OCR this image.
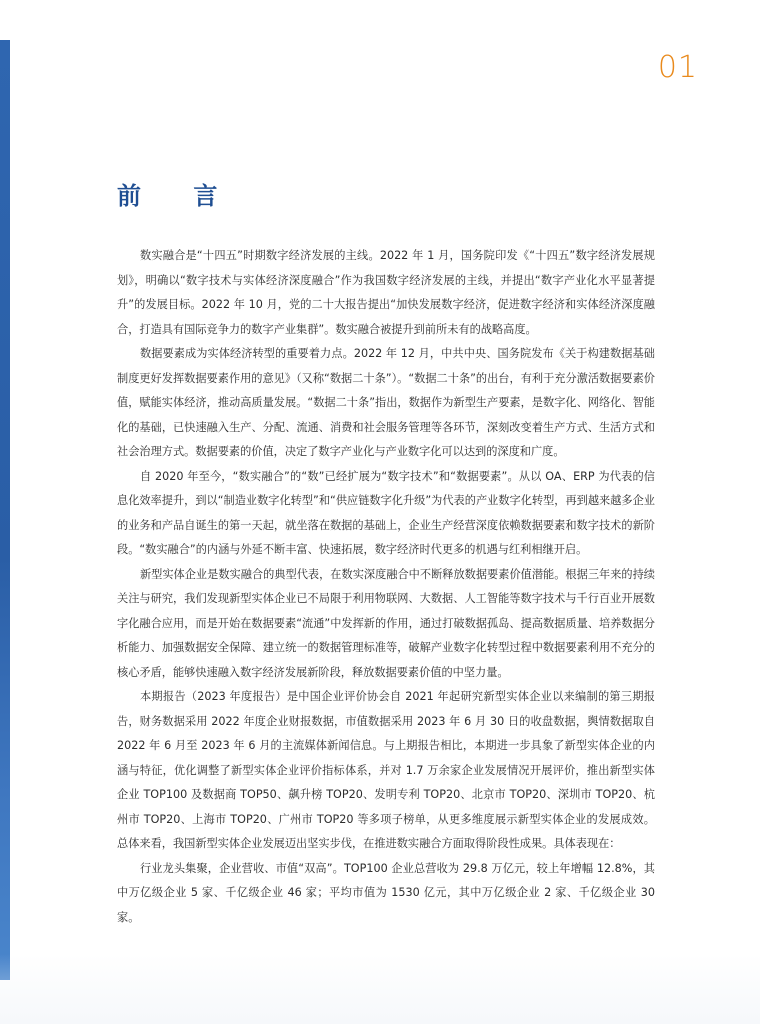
01
前 言

数实融合是“十四五”时期数字经济发展的主线。2022 年 1 月，国务院印发《“十四五”数字经济发展规划》，明确以“数字技术与实体经济深度融合”作为我国数字经济发展的主线，并提出“数字产业化水平显著提升”的发展目标。2022 年 10 月，党的二十大报告提出“加快发展数字经济，促进数字经济和实体经济深度融合，打造具有国际竞争力的数字产业集群”。数实融合被提升到前所未有的战略高度。

数据要素成为实体经济转型的重要着力点。2022 年 12 月，中共中央、国务院发布《关于构建数据基础制度更好发挥数据要素作用的意见》（又称“数据二十条”）。“数据二十条”的出台，有利于充分激活数据要素价值，赋能实体经济，推动高质量发展。“数据二十条”指出，数据作为新型生产要素，是数字化、网络化、智能化的基础，已快速融入生产、分配、流通、消费和社会服务管理等各环节，深刻改变着生产方式、生活方式和社会治理方式。数据要素的价值，决定了数字产业化与产业数字化可以达到的深度和广度。

自 2020 年至今，“数实融合”的“数”已经扩展为“数字技术”和“数据要素”。从以 OA、ERP 为代表的信息化效率提升，到以“制造业数字化转型”和“供应链数字化升级”为代表的产业数字化转型，再到越来越多企业的业务和产品自诞生的第一天起，就坐落在数据的基础上，企业生产经营深度依赖数据要素和数字技术的新阶段。“数实融合”的内涵与外延不断丰富、快速拓展，数字经济时代更多的机遇与红利相继开启。

新型实体企业是数实融合的典型代表，在数实深度融合中不断释放数据要素价值潜能。根据三年来的持续关注与研究，我们发现新型实体企业已不局限于利用物联网、大数据、人工智能等数字技术与千行百业开展数字化融合应用，而是开始在数据要素“流通”中发挥新的作用，通过打破数据孤岛、提高数据质量、培养数据分析能力、加强数据安全保障、建立统一的数据管理标准等，破解产业数字化转型过程中数据要素利用不充分的核心矛盾，能够快速融入数字经济发展新阶段，释放数据要素价值的中坚力量。

本期报告（2023 年度报告）是中国企业评价协会自 2021 年起研究新型实体企业以来编制的第三期报告，财务数据采用 2022 年度企业财报数据，市值数据采用 2023 年 6 月 30 日的收盘数据，舆情数据取自 2022 年 6 月至 2023 年 6 月的主流媒体新闻信息。与上期报告相比，本期进一步具象了新型实体企业的内涵与特征，优化调整了新型实体企业评价指标体系，并对 1.7 万余家企业发展情况开展评价，推出新型实体企业 TOP100 及数据商 TOP50、飙升榜 TOP20、发明专利 TOP20、北京市 TOP20、深圳市 TOP20、杭州市 TOP20、上海市 TOP20、广州市 TOP20 等多项子榜单，从更多维度展示新型实体企业的发展成效。总体来看，我国新型实体企业发展迈出坚实步伐，在推进数实融合方面取得阶段性成果。具体表现在：

行业龙头集聚，企业营收、市值“双高”。TOP100 企业总营收为 29.8 万亿元，较上年增幅 12.8%，其中万亿级企业 5 家、千亿级企业 46 家；平均市值为 1530 亿元，其中万亿级企业 2 家、千亿级企业 30 家。
